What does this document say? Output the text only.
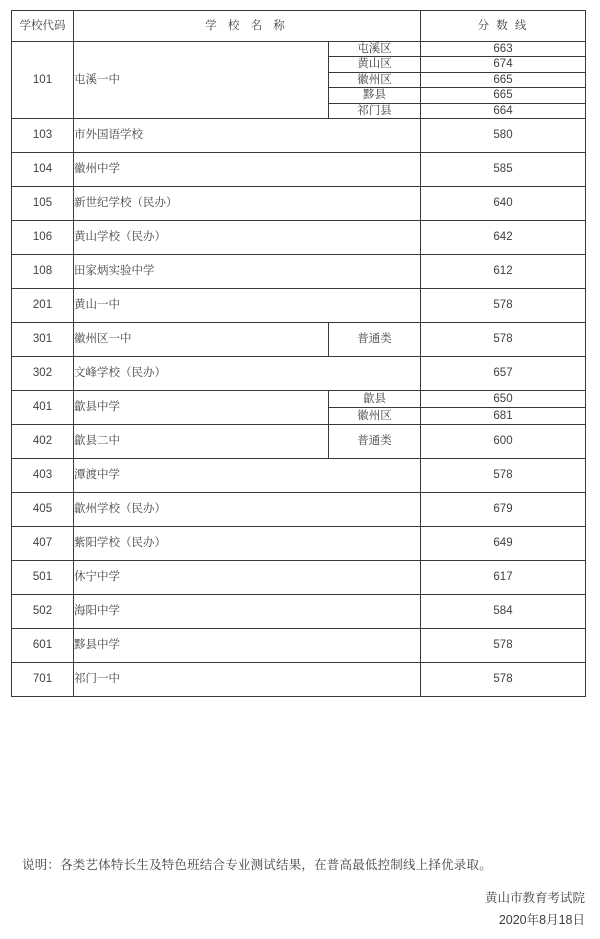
学校代码	学 校 名 称		分 数 线
101	屯溪一中	屯溪区	663
		黄山区	674
		徽州区	665
		黟县	665
		祁门县	664
103	市外国语学校		580
104	徽州中学		585
105	新世纪学校（民办）		640
106	黄山学校（民办）		642
108	田家炳实验中学		612
201	黄山一中		578
301	徽州区一中	普通类	578
302	文峰学校（民办）		657
401	歙县中学	歙县	650
		徽州区	681
402	歙县二中	普通类	600
403	潭渡中学		578
405	歙州学校（民办）		679
407	紫阳学校（民办）		649
501	休宁中学		617
502	海阳中学		584
601	黟县中学		578
701	祁门一中		578
说明：各类艺体特长生及特色班结合专业测试结果，在普高最低控制线上择优录取。
黄山市教育考试院
2020年8月18日
